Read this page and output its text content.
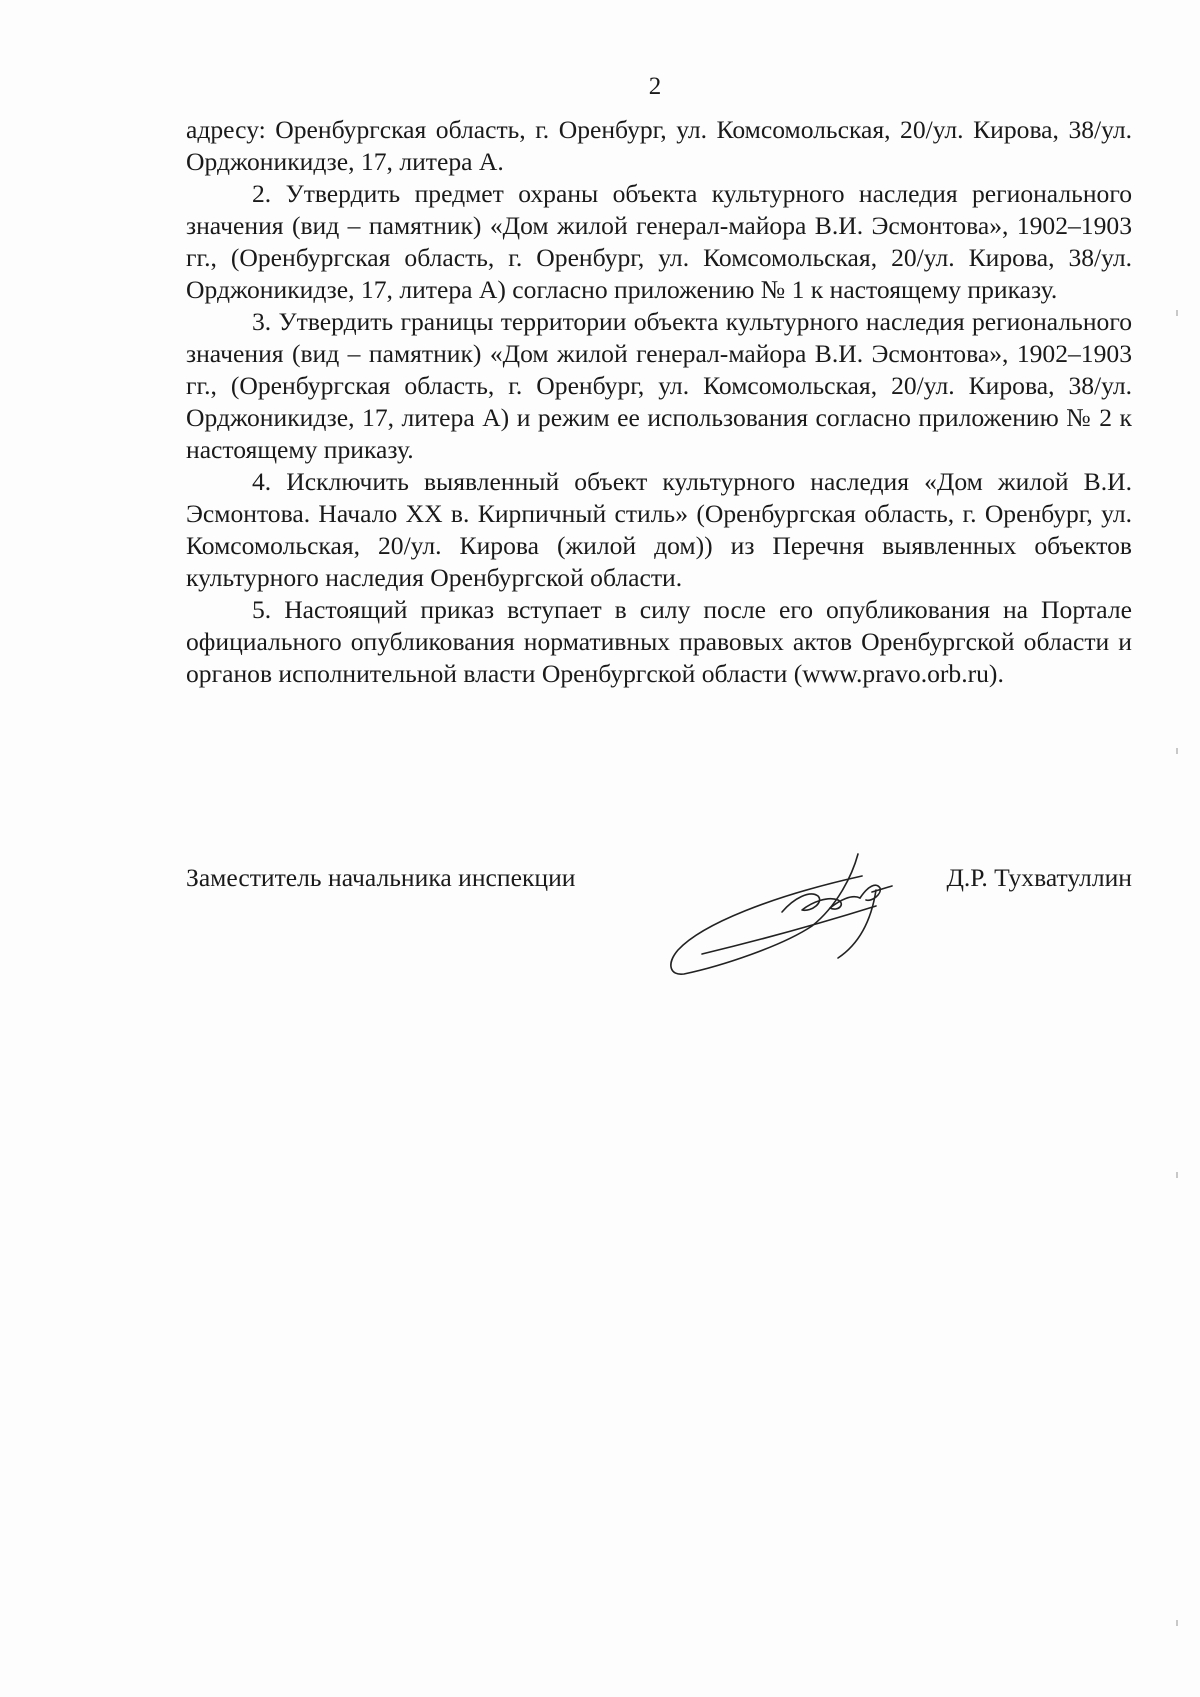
2

адресу: Оренбургская область, г. Оренбург, ул. Комсомольская, 20/ул. Кирова, 38/ул. Орджоникидзе, 17, литера А.

2. Утвердить предмет охраны объекта культурного наследия регионального значения (вид – памятник) «Дом жилой генерал-майора В.И. Эсмонтова», 1902–1903 гг., (Оренбургская область, г. Оренбург, ул. Комсомольская, 20/ул. Кирова, 38/ул. Орджоникидзе, 17, литера А) согласно приложению № 1 к настоящему приказу.

3. Утвердить границы территории объекта культурного наследия регионального значения (вид – памятник) «Дом жилой генерал-майора В.И. Эсмонтова», 1902–1903 гг., (Оренбургская область, г. Оренбург, ул. Комсомольская, 20/ул. Кирова, 38/ул. Орджоникидзе, 17, литера А) и режим ее использования согласно приложению № 2 к настоящему приказу.

4. Исключить выявленный объект культурного наследия «Дом жилой В.И. Эсмонтова. Начало XX в. Кирпичный стиль» (Оренбургская область, г. Оренбург, ул. Комсомольская, 20/ул. Кирова (жилой дом)) из Перечня выявленных объектов культурного наследия Оренбургской области.

5. Настоящий приказ вступает в силу после его опубликования на Портале официального опубликования нормативных правовых актов Оренбургской области и органов исполнительной власти Оренбургской области (www.pravo.orb.ru).

Заместитель начальника инспекции	Д.Р. Тухватуллин
